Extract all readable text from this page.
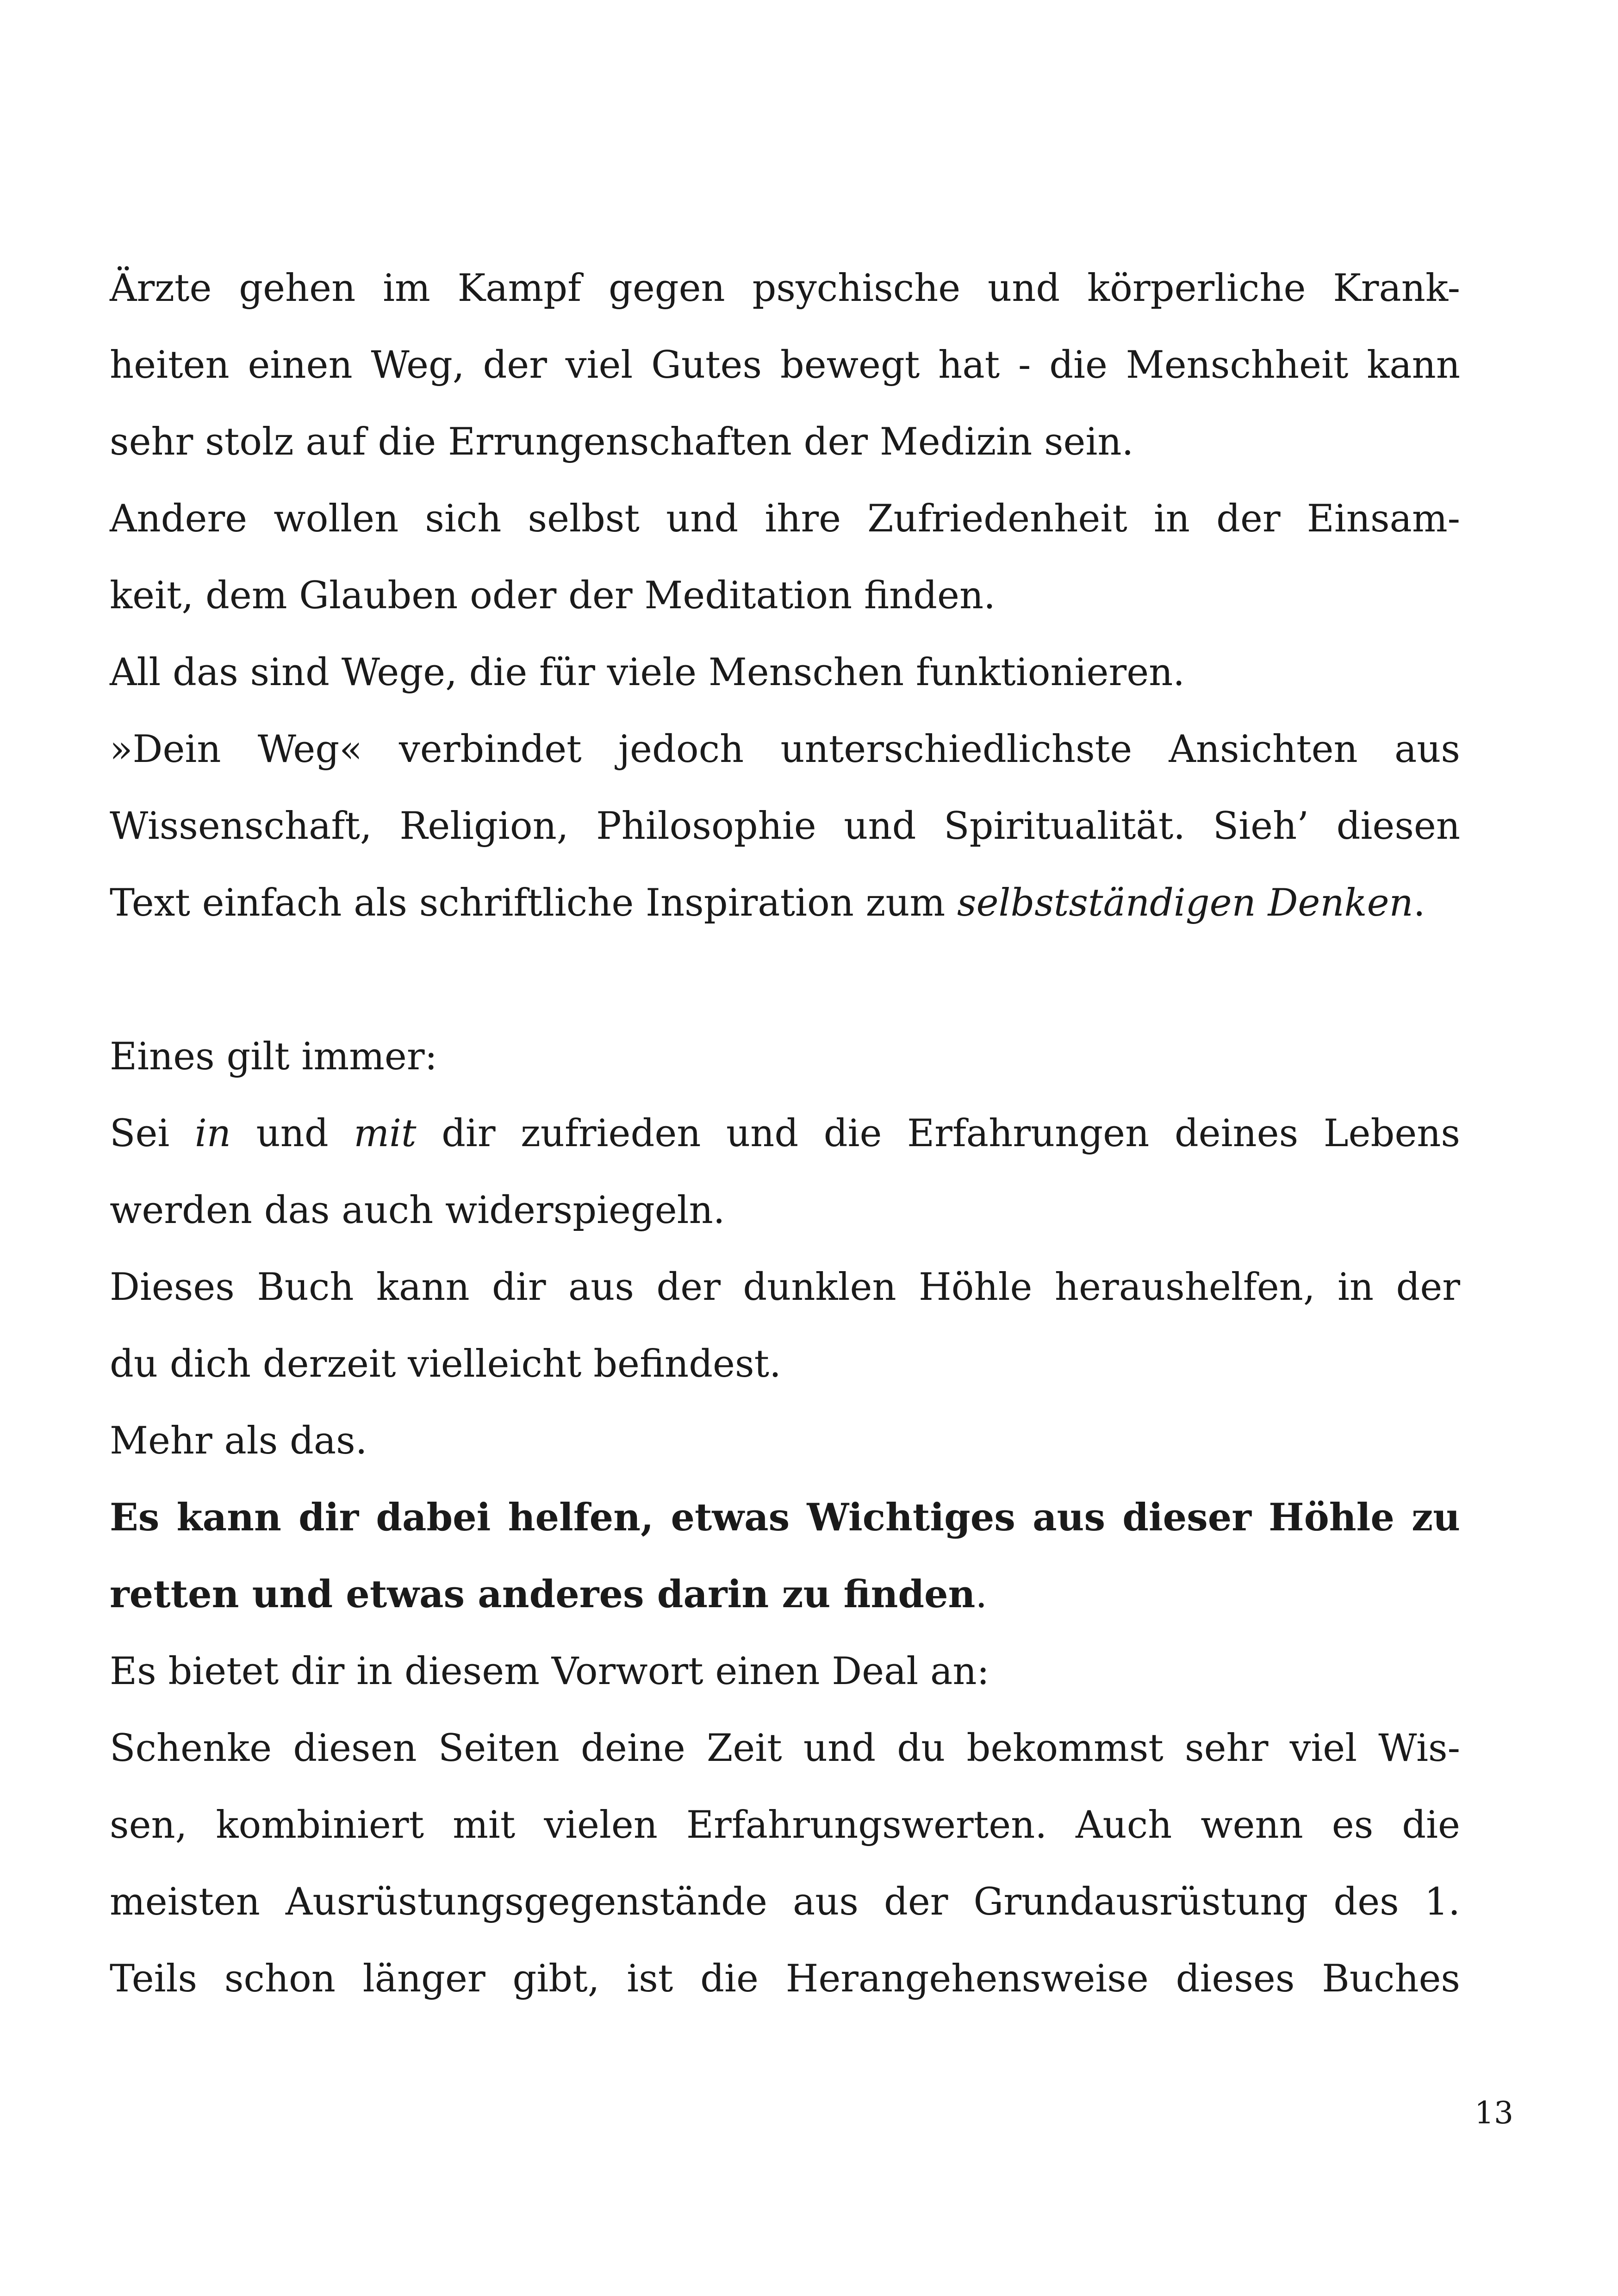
Ärzte gehen im Kampf gegen psychische und körperliche Krank-
heiten einen Weg, der viel Gutes bewegt hat - die Menschheit kann
sehr stolz auf die Errungenschaften der Medizin sein.
Andere wollen sich selbst und ihre Zufriedenheit in der Einsam-
keit, dem Glauben oder der Meditation finden.
All das sind Wege, die für viele Menschen funktionieren.
»Dein Weg« verbindet jedoch unterschiedlichste Ansichten aus
Wissenschaft, Religion, Philosophie und Spiritualität. Sieh’ diesen
Text einfach als schriftliche Inspiration zum selbstständigen Denken.
Eines gilt immer:
Sei in und mit dir zufrieden und die Erfahrungen deines Lebens
werden das auch widerspiegeln.
Dieses Buch kann dir aus der dunklen Höhle heraushelfen, in der
du dich derzeit vielleicht befindest.
Mehr als das.
Es kann dir dabei helfen, etwas Wichtiges aus dieser Höhle zu
retten und etwas anderes darin zu finden.
Es bietet dir in diesem Vorwort einen Deal an:
Schenke diesen Seiten deine Zeit und du bekommst sehr viel Wis-
sen, kombiniert mit vielen Erfahrungswerten. Auch wenn es die
meisten Ausrüstungsgegenstände aus der Grundausrüstung des 1.
Teils schon länger gibt, ist die Herangehensweise dieses Buches
13
